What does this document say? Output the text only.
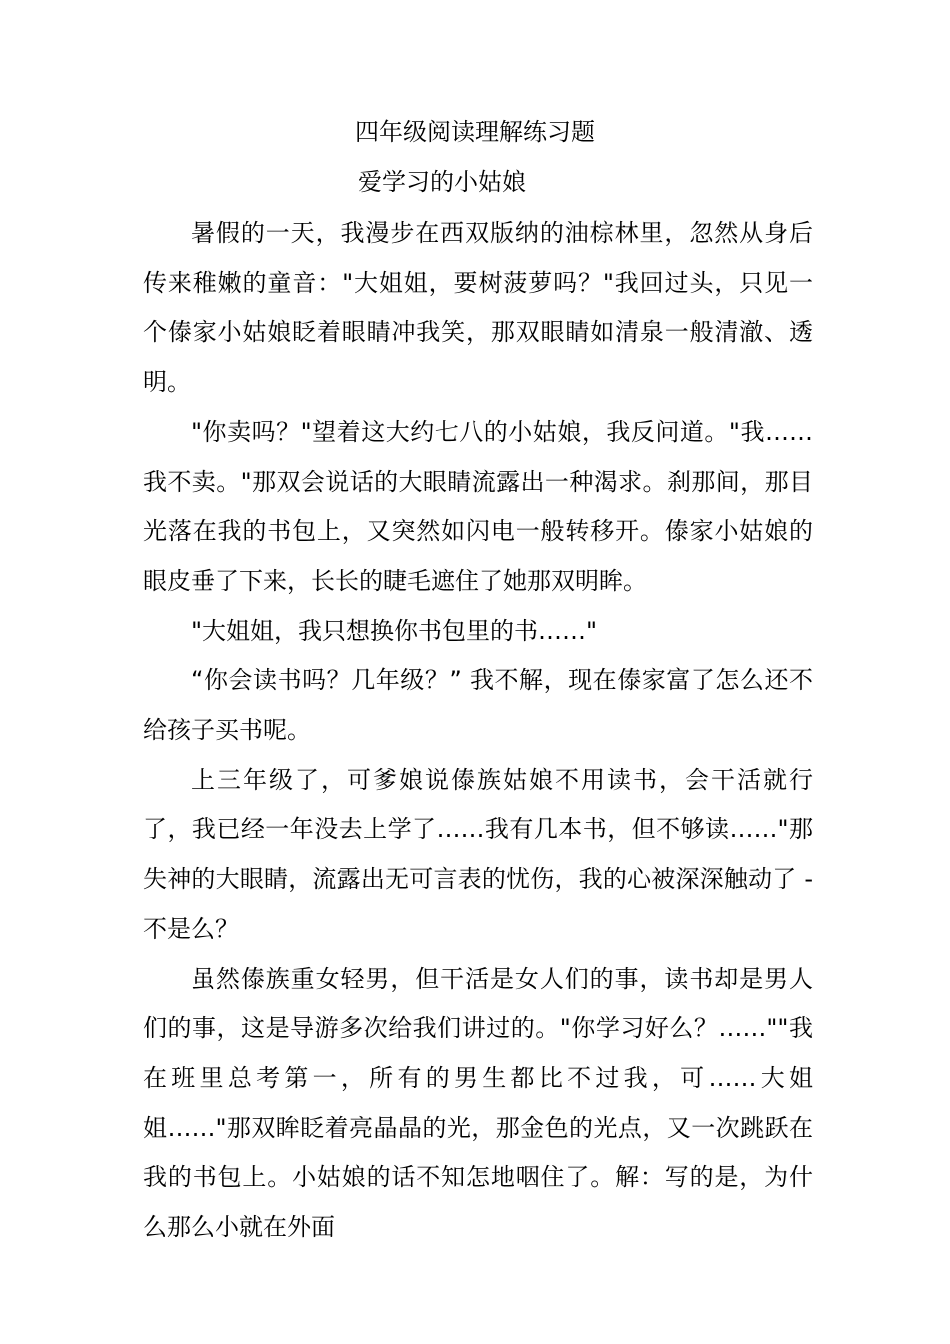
四年级阅读理解练习题
爱学习的小姑娘

暑假的一天，我漫步在西双版纳的油棕林里，忽然从身后传来稚嫩的童音："大姐姐，要树菠萝吗？"我回过头，只见一个傣家小姑娘眨着眼睛冲我笑，那双眼睛如清泉一般清澈、透明。

"你卖吗？"望着这大约七八的小姑娘，我反问道。"我……我不卖。"那双会说话的大眼睛流露出一种渴求。刹那间，那目光落在我的书包上，又突然如闪电一般转移开。傣家小姑娘的眼皮垂了下来，长长的睫毛遮住了她那双明眸。

"大姐姐，我只想换你书包里的书……"

“你会读书吗？几年级？” 我不解，现在傣家富了怎么还不给孩子买书呢。

上三年级了，可爹娘说傣族姑娘不用读书，会干活就行了，我已经一年没去上学了……我有几本书，但不够读……"那失神的大眼睛，流露出无可言表的忧伤，我的心被深深触动了 - 不是么？

虽然傣族重女轻男，但干活是女人们的事，读书却是男人们的事，这是导游多次给我们讲过的。"你学习好么？……""我在班里总考第一，所有的男生都比不过我，可……大姐姐……"那双眸眨着亮晶晶的光，那金色的光点，又一次跳跃在我的书包上。小姑娘的话不知怎地咽住了。解：写的是，为什么那么小就在外面
